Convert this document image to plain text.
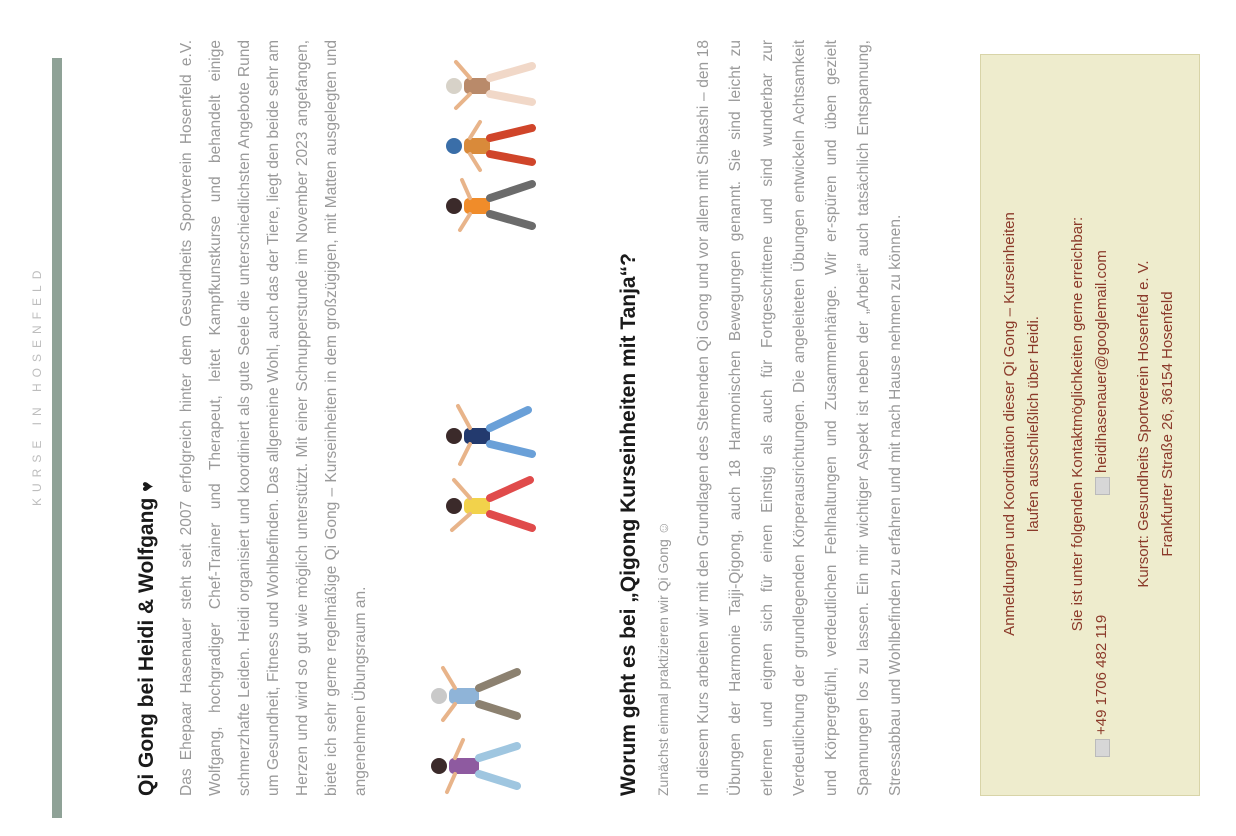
KURSE IN HOSENFELD
Qi Gong bei Heidi & Wolfgang ♥	Das Ehepaar Hasenauer steht seit 2007 erfolgreich hinter dem Gesundheits Sportverein Hosenfeld e.V. Wolfgang, hochgradiger Chef-Trainer und Therapeut, leitet Kampfkunstkurse und behandelt einige schmerzhafte Leiden. Heidi organisiert und koordiniert als gute Seele die unterschiedlichsten Angebote Rund um Gesundheit, Fitness und Wohlbefinden. Das allgemeine Wohl, auch das der Tiere, liegt den beide sehr am Herzen und wird so gut wie möglich unterstützt. Mit einer Schnupperstunde im November 2023 angefangen, biete ich sehr gerne regelmäßige Qi Gong – Kurseinheiten in dem großzügigen, mit Matten ausgelegten und angenehmen Übungsraum an.	Worum geht es bei „Qigong Kurseinheiten mit Tanja“? Zunächst einmal praktizieren wir Qi Gong ☺	In diesem Kurs arbeiten wir mit den Grundlagen des Stehenden Qi Gong und vor allem mit Shibashi – den 18 Übungen der Harmonie Taiji-Qigong, auch 18 Harmonischen Bewegungen genannt. Sie sind leicht zu erlernen und eignen sich für einen Einstig als auch für Fortgeschrittene und sind wunderbar zur Verdeutlichung der grundlegenden Körperausrichtungen. Die angeleiteten Übungen entwickeln Achtsamkeit und Körpergefühl, verdeutlichen Fehlhaltungen und Zusammenhänge. Wir er-spüren und üben gezielt Spannungen los zu lassen. Ein mir wichtiger Aspekt ist neben der „Arbeit“ auch tatsächlich Entspannung, Stressabbau und Wohlbefinden zu erfahren und mit nach Hause nehmen zu können.	Anmeldungen und Koordination dieser Qi Gong – Kurseinheiten laufen ausschließlich über Heidi. Sie ist unter folgenden Kontaktmöglichkeiten gerne erreichbar:
+49 1706 482 119
heidihasenauer@googlemail.com Kursort: Gesundheits Sportverein Hosenfeld e. V. Frankfurter Straße 26, 36154 Hosenfeld
